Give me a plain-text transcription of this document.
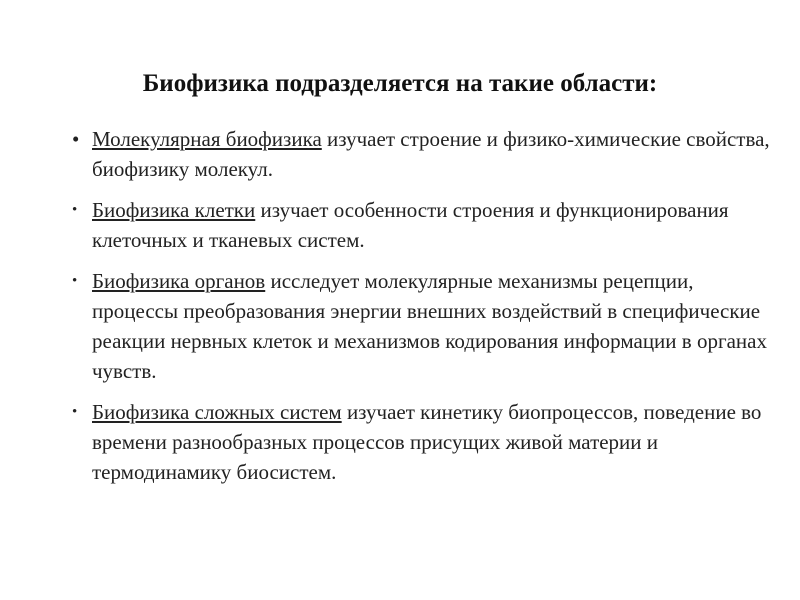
Биофизика подразделяется на такие области:
• Молекулярная биофизика изучает строение и физико-химические свойства, биофизику молекул.
• Биофизика клетки изучает особенности строения и функционирования клеточных и тканевых систем.
• Биофизика органов исследует молекулярные механизмы рецепции, процессы преобразования энергии внешних воздействий в специфические реакции нервных клеток и механизмов кодирования информации в органах чувств.
• Биофизика сложных систем изучает кинетику биопроцессов, поведение во времени разнообразных процессов присущих живой материи и термодинамику биосистем.
